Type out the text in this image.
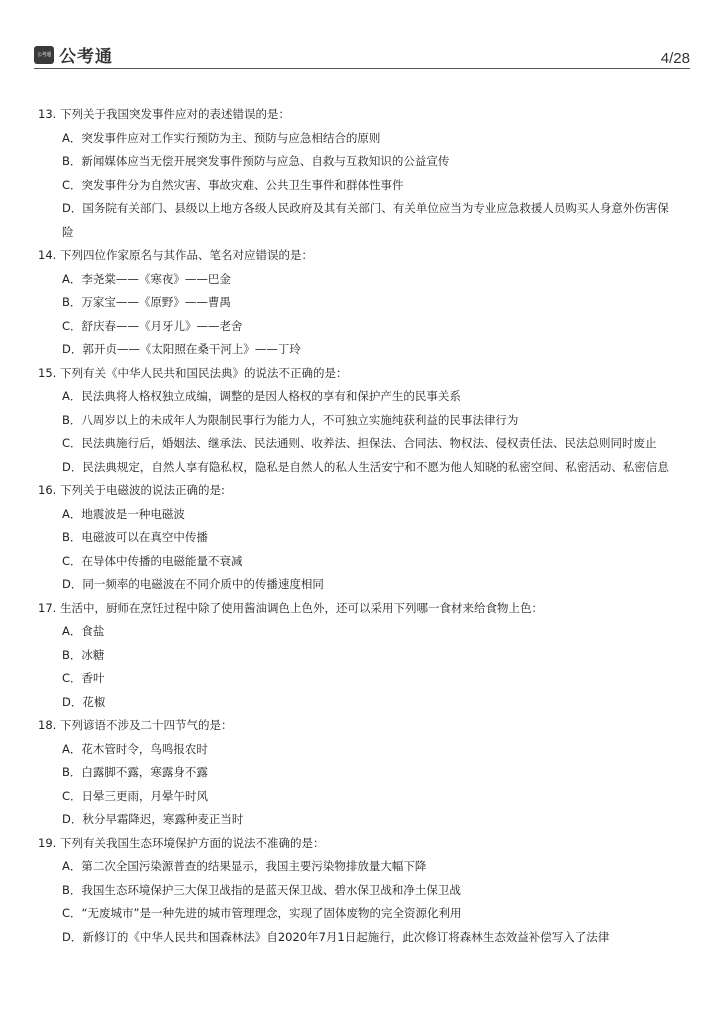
公考通 公考通	4/28
13. 下列关于我国突发事件应对的表述错误的是：
A．突发事件应对工作实行预防为主、预防与应急相结合的原则
B．新闻媒体应当无偿开展突发事件预防与应急、自救与互救知识的公益宣传
C．突发事件分为自然灾害、事故灾难、公共卫生事件和群体性事件
D．国务院有关部门、县级以上地方各级人民政府及其有关部门、有关单位应当为专业应急救援人员购买人身意外伤害保
险
14. 下列四位作家原名与其作品、笔名对应错误的是：
A．李尧棠——《寒夜》——巴金
B．万家宝——《原野》——曹禺
C．舒庆春——《月牙儿》——老舍
D．郭开贞——《太阳照在桑干河上》——丁玲
15. 下列有关《中华人民共和国民法典》的说法不正确的是：
A．民法典将人格权独立成编，调整的是因人格权的享有和保护产生的民事关系
B．八周岁以上的未成年人为限制民事行为能力人，不可独立实施纯获利益的民事法律行为
C．民法典施行后，婚姻法、继承法、民法通则、收养法、担保法、合同法、物权法、侵权责任法、民法总则同时废止
D．民法典规定，自然人享有隐私权，隐私是自然人的私人生活安宁和不愿为他人知晓的私密空间、私密活动、私密信息
16. 下列关于电磁波的说法正确的是:
A．地震波是一种电磁波
B．电磁波可以在真空中传播
C．在导体中传播的电磁能量不衰减
D．同一频率的电磁波在不同介质中的传播速度相同
17. 生活中，厨师在烹饪过程中除了使用酱油调色上色外，还可以采用下列哪一食材来给食物上色：
A．食盐
B．冰糖
C．香叶
D．花椒
18. 下列谚语不涉及二十四节气的是：
A．花木管时令，鸟鸣报农时
B．白露脚不露，寒露身不露
C．日晕三更雨，月晕午时风
D．秋分早霜降迟，寒露种麦正当时
19. 下列有关我国生态环境保护方面的说法不准确的是：
A．第二次全国污染源普查的结果显示，我国主要污染物排放量大幅下降
B．我国生态环境保护三大保卫战指的是蓝天保卫战、碧水保卫战和净土保卫战
C．“无废城市”是一种先进的城市管理理念，实现了固体废物的完全资源化利用
D．新修订的《中华人民共和国森林法》自2020年7月1日起施行，此次修订将森林生态效益补偿写入了法律
